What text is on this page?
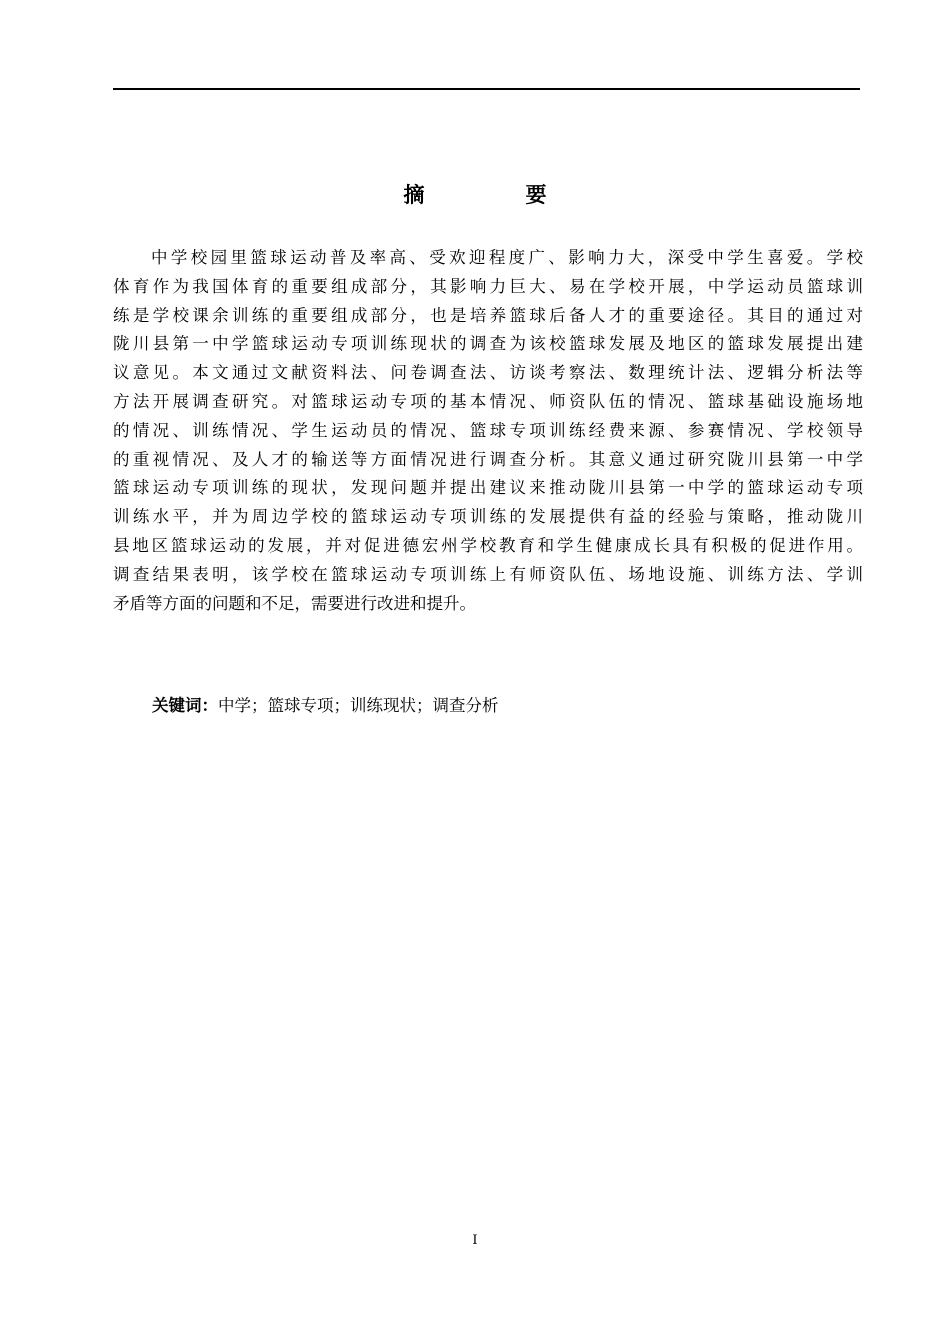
摘　要
中学校园里篮球运动普及率高、受欢迎程度广、影响力大，深受中学生喜爱。学校
体育作为我国体育的重要组成部分，其影响力巨大、易在学校开展，中学运动员篮球训
练是学校课余训练的重要组成部分，也是培养篮球后备人才的重要途径。其目的通过对
陇川县第一中学篮球运动专项训练现状的调查为该校篮球发展及地区的篮球发展提出建
议意见。本文通过文献资料法、问卷调查法、访谈考察法、数理统计法、逻辑分析法等
方法开展调查研究。对篮球运动专项的基本情况、师资队伍的情况、篮球基础设施场地
的情况、训练情况、学生运动员的情况、篮球专项训练经费来源、参赛情况、学校领导
的重视情况、及人才的输送等方面情况进行调查分析。其意义通过研究陇川县第一中学
篮球运动专项训练的现状，发现问题并提出建议来推动陇川县第一中学的篮球运动专项
训练水平，并为周边学校的篮球运动专项训练的发展提供有益的经验与策略，推动陇川
县地区篮球运动的发展，并对促进德宏州学校教育和学生健康成长具有积极的促进作用。
调查结果表明，该学校在篮球运动专项训练上有师资队伍、场地设施、训练方法、学训
矛盾等方面的问题和不足，需要进行改进和提升。
关键词：中学；篮球专项；训练现状；调查分析
I
